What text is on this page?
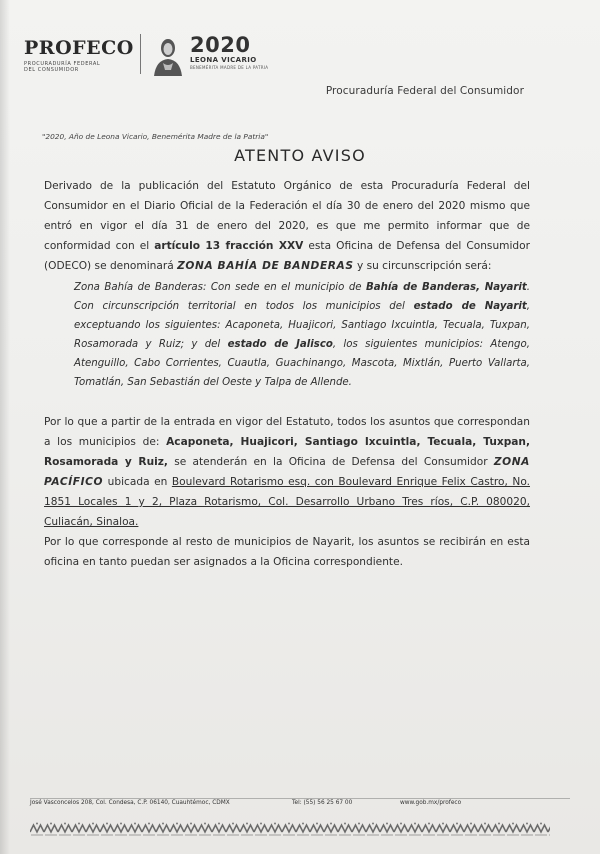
PROFECO
PROCURADURÍA FEDERAL
DEL CONSUMIDOR
2020
LEONA VICARIO
BENEMÉRITA MADRE DE LA PATRIA
Procuraduría Federal del Consumidor
"2020, Año de Leona Vicario, Benemérita Madre de la Patria"
ATENTO AVISO

Derivado de la publicación del Estatuto Orgánico de esta Procuraduría Federal del Consumidor en el Diario Oficial de la Federación el día 30 de enero del 2020 mismo que entró en vigor el día 31 de enero del 2020, es que me permito informar que de conformidad con el artículo 13 fracción XXV esta Oficina de Defensa del Consumidor (ODECO) se denominará ZONA BAHÍA DE BANDERAS y su circunscripción será:

Zona Bahía de Banderas: Con sede en el municipio de Bahía de Banderas, Nayarit. Con circunscripción territorial en todos los municipios del estado de Nayarit, exceptuando los siguientes: Acaponeta, Huajicori, Santiago Ixcuintla, Tecuala, Tuxpan, Rosamorada y Ruiz; y del estado de Jalisco, los siguientes municipios: Atengo, Atenguillo, Cabo Corrientes, Cuautla, Guachinango, Mascota, Mixtlán, Puerto Vallarta, Tomatlán, San Sebastián del Oeste y Talpa de Allende.

Por lo que a partir de la entrada en vigor del Estatuto, todos los asuntos que correspondan a los municipios de: Acaponeta, Huajicori, Santiago Ixcuintla, Tecuala, Tuxpan, Rosamorada y Ruiz, se atenderán en la Oficina de Defensa del Consumidor ZONA PACÍFICO ubicada en Boulevard Rotarismo esq. con Boulevard Enrique Felix Castro, No. 1851 Locales 1 y 2, Plaza Rotarismo, Col. Desarrollo Urbano Tres ríos, C.P. 080020, Culiacán, Sinaloa.

Por lo que corresponde al resto de municipios de Nayarit, los asuntos se recibirán en esta oficina en tanto puedan ser asignados a la Oficina correspondiente.

José Vasconcelos 208, Col. Condesa, C.P. 06140, Cuauhtémoc, CDMX	Tel: (55) 56 25 67 00	www.gob.mx/profeco
